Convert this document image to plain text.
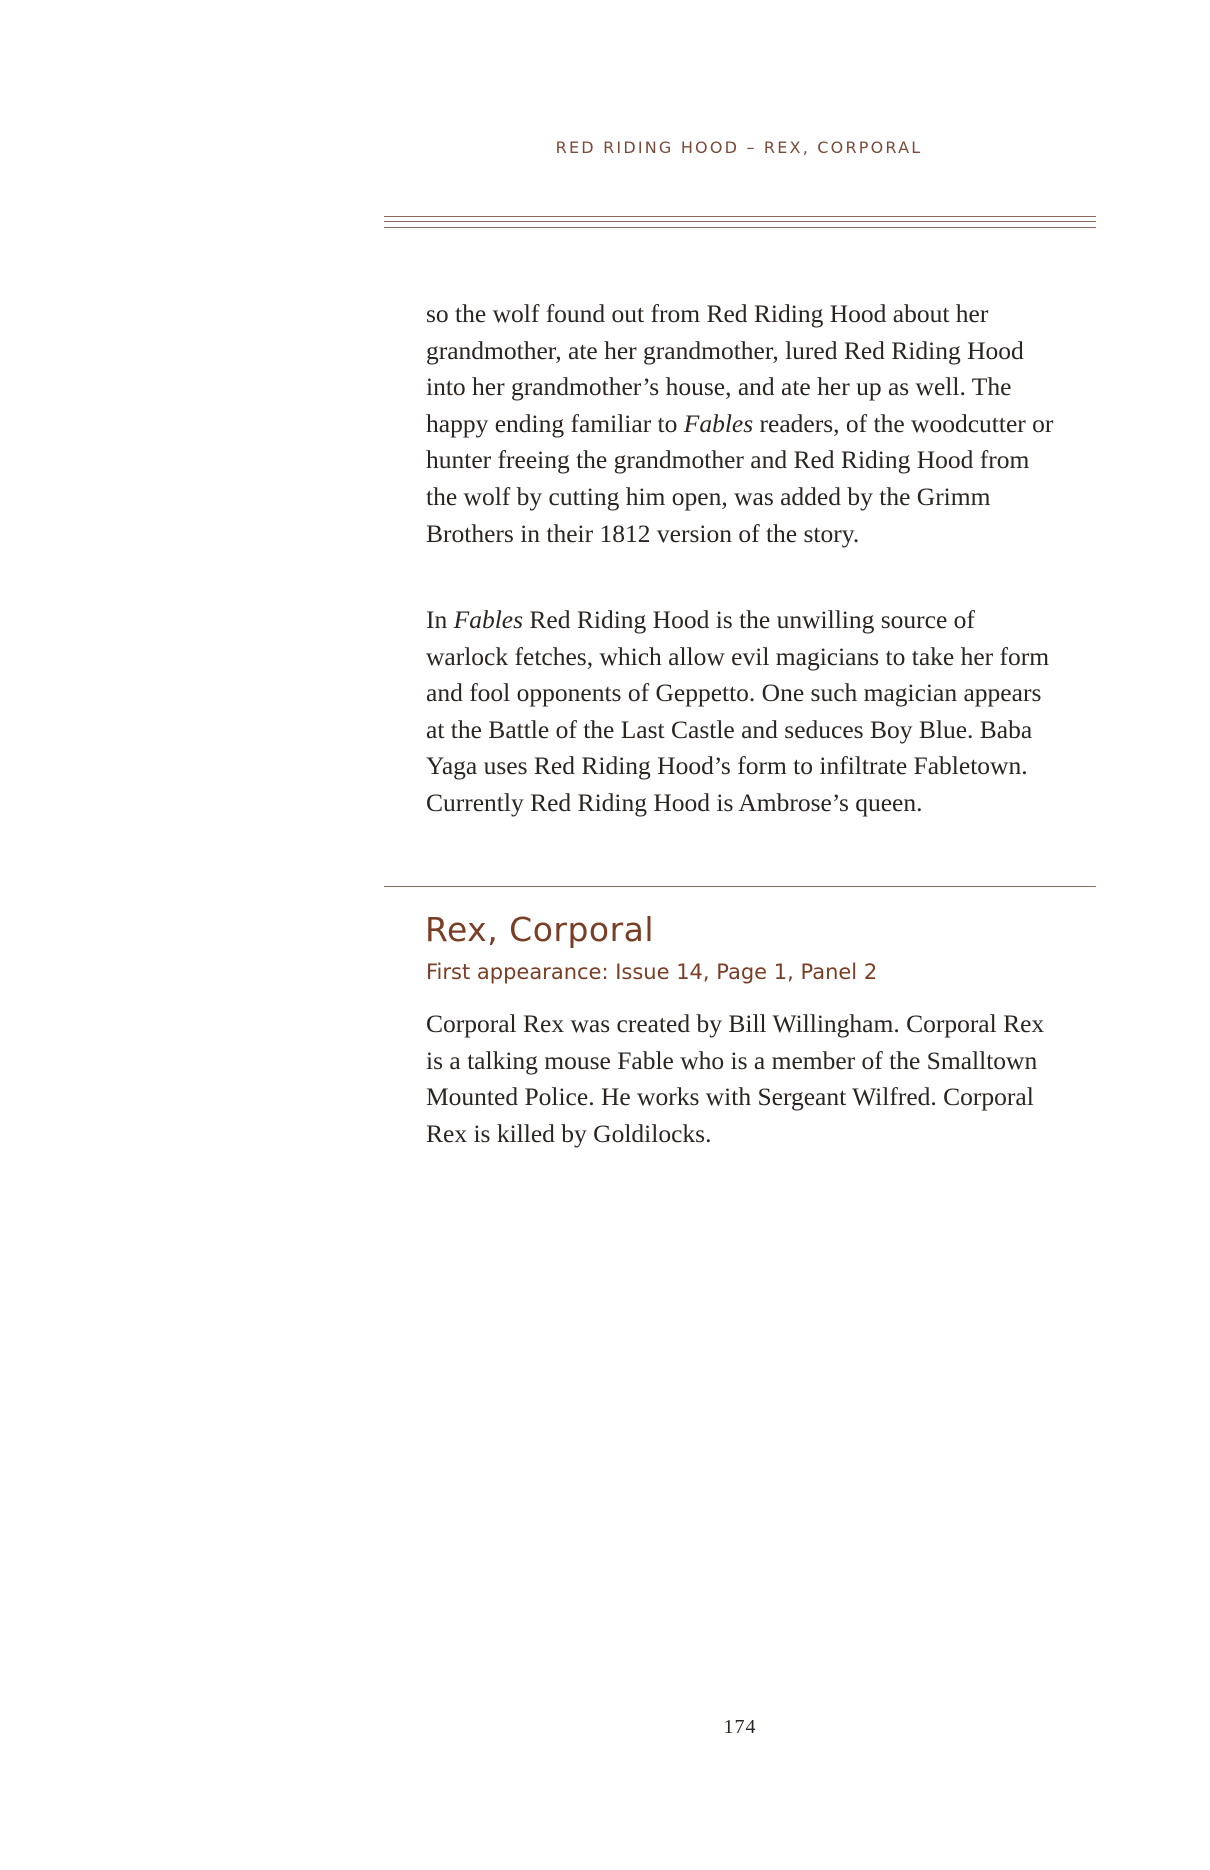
RED RIDING HOOD – REX, CORPORAL

so the wolf found out from Red Riding Hood about her grandmother, ate her grandmother, lured Red Riding Hood into her grandmother’s house, and ate her up as well. The happy ending familiar to Fables readers, of the woodcutter or hunter freeing the grandmother and Red Riding Hood from the wolf by cutting him open, was added by the Grimm Brothers in their 1812 version of the story.

In Fables Red Riding Hood is the unwilling source of warlock fetches, which allow evil magicians to take her form and fool opponents of Geppetto. One such magician appears at the Battle of the Last Castle and seduces Boy Blue. Baba Yaga uses Red Riding Hood’s form to infiltrate Fabletown. Currently Red Riding Hood is Ambrose’s queen.

Rex, Corporal
First appearance: Issue 14, Page 1, Panel 2

Corporal Rex was created by Bill Willingham. Corporal Rex is a talking mouse Fable who is a member of the Smalltown Mounted Police. He works with Sergeant Wilfred. Corporal Rex is killed by Goldilocks.

174
